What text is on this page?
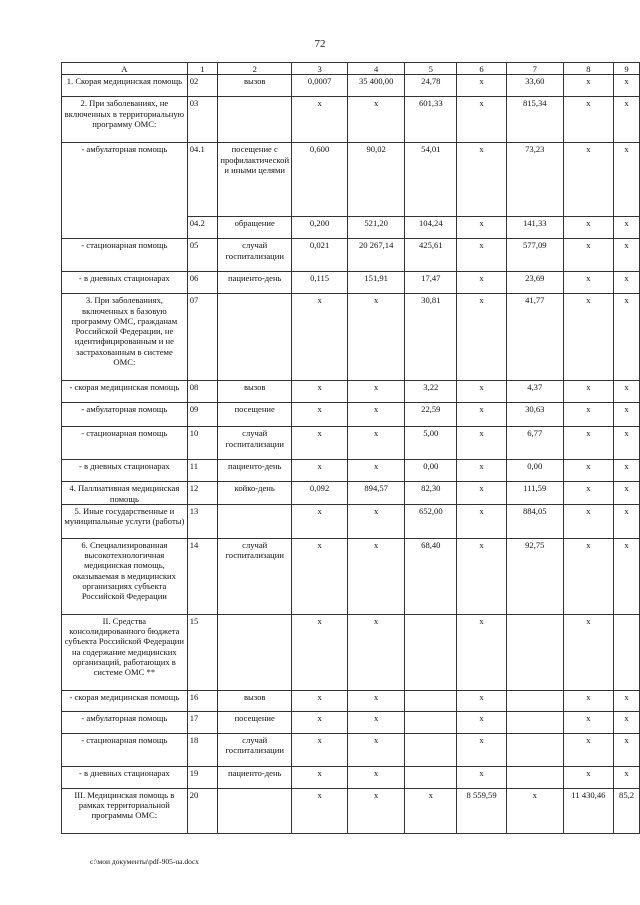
72
А	1	2	3	4	5	6	7	8	9
1. Скорая медицинская помощь	02	вызов	0,0007	35 400,00	24,78	х	33,60	х	х
2. При заболеваниях, не включенных в территориальную программу ОМС:	03		х	х	601,33	х	815,34	х	х
- амбулаторная помощь	04.1	посещение с профилактической и иными целями	0,600	90,02	54,01	х	73,23	х	х
	04.2	обращение	0,200	521,20	104,24	х	141,33	х	х
- стационарная помощь	05	случай госпитализации	0,021	20 267,14	425,61	х	577,09	х	х
- в дневных стационарах	06	пациенто-день	0,115	151,91	17,47	х	23,69	х	х
3. При заболеваниях, включенных в базовую программу ОМС, гражданам Российской Федерации, не идентифицированным и не застрахованным в системе ОМС:	07		х	х	30,81	х	41,77	х	х
- скорая медицинская помощь	08	вызов	х	х	3,22	х	4,37	х	х
- амбулаторная помощь	09	посещение	х	х	22,59	х	30,63	х	х
- стационарная помощь	10	случай госпитализации	х	х	5,00	х	6,77	х	х
- в дневных стационарах	11	пациенто-день	х	х	0,00	х	0,00	х	х
4. Паллиативная медицинская помощь	12	койко-день	0,092	894,57	82,30	х	111,59	х	х
5. Иные государственные и муниципальные услуги (работы)	13		х	х	652,00	х	884,05	х	х
6. Специализированная высокотехнологичная медицинская помощь, оказываемая в медицинских организациях субъекта Российской Федерации	14	случай госпитализации	х	х	68,40	х	92,75	х	х
II. Средства консолидированного бюджета субъекта Российской Федерации на содержание медицинских организаций, работающих в системе ОМС **	15		х	х		х		х	
- скорая медицинская помощь	16	вызов	х	х		х		х	х
- амбулаторная помощь	17	посещение	х	х		х		х	х
- стационарная помощь	18	случай госпитализации	х	х		х		х	х
- в дневных стационарах	19	пациенто-день	х	х		х		х	х
III. Медицинская помощь в рамках территориальной программы ОМС:	20		х	х	х	8 559,59	х	11 430,46	85,2
c:\мои документы\pdf-905-ua.docx
